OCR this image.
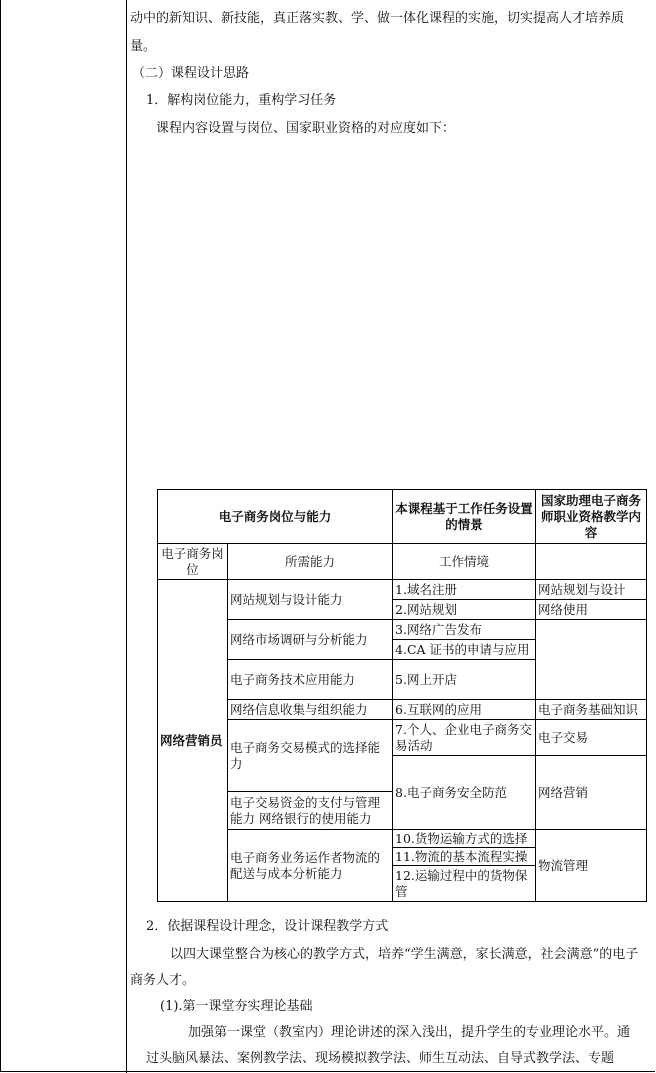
动中的新知识、新技能，真正落实教、学、做一体化课程的实施，切实提高人才培养质
量。
（二）课程设计思路
1．解构岗位能力，重构学习任务
课程内容设置与岗位、国家职业资格的对应度如下：
电子商务岗位与能力		本课程基于工作任务设置的情景	国家助理电子商务师职业资格教学内容
电子商务岗位	所需能力	工作情境	
网络营销员	网站规划与设计能力	1.域名注册	网站规划与设计
		2.网站规划	网络使用
	网络市场调研与分析能力	3.网络广告发布	
		4.CA 证书的申请与应用	
	电子商务技术应用能力	5.网上开店	
	网络信息收集与组织能力	6.互联网的应用	电子商务基础知识
	电子商务交易模式的选择能力	7.个人、企业电子商务交易活动	电子交易
		8.电子商务安全防范	网络营销
	电子交易资金的支付与管理能力 网络银行的使用能力		
	电子商务业务运作者物流的配送与成本分析能力	10.货物运输方式的选择	物流管理
		11.物流的基本流程实操	
		12.运输过程中的货物保管	
2．依据课程设计理念，设计课程教学方式
以四大课堂整合为核心的教学方式，培养“学生满意，家长满意，社会满意”的电子
商务人才。
(1).第一课堂夯实理论基础
加强第一课堂（教室内）理论讲述的深入浅出，提升学生的专业理论水平。通
过头脑风暴法、案例教学法、现场模拟教学法、师生互动法、自导式教学法、专题
